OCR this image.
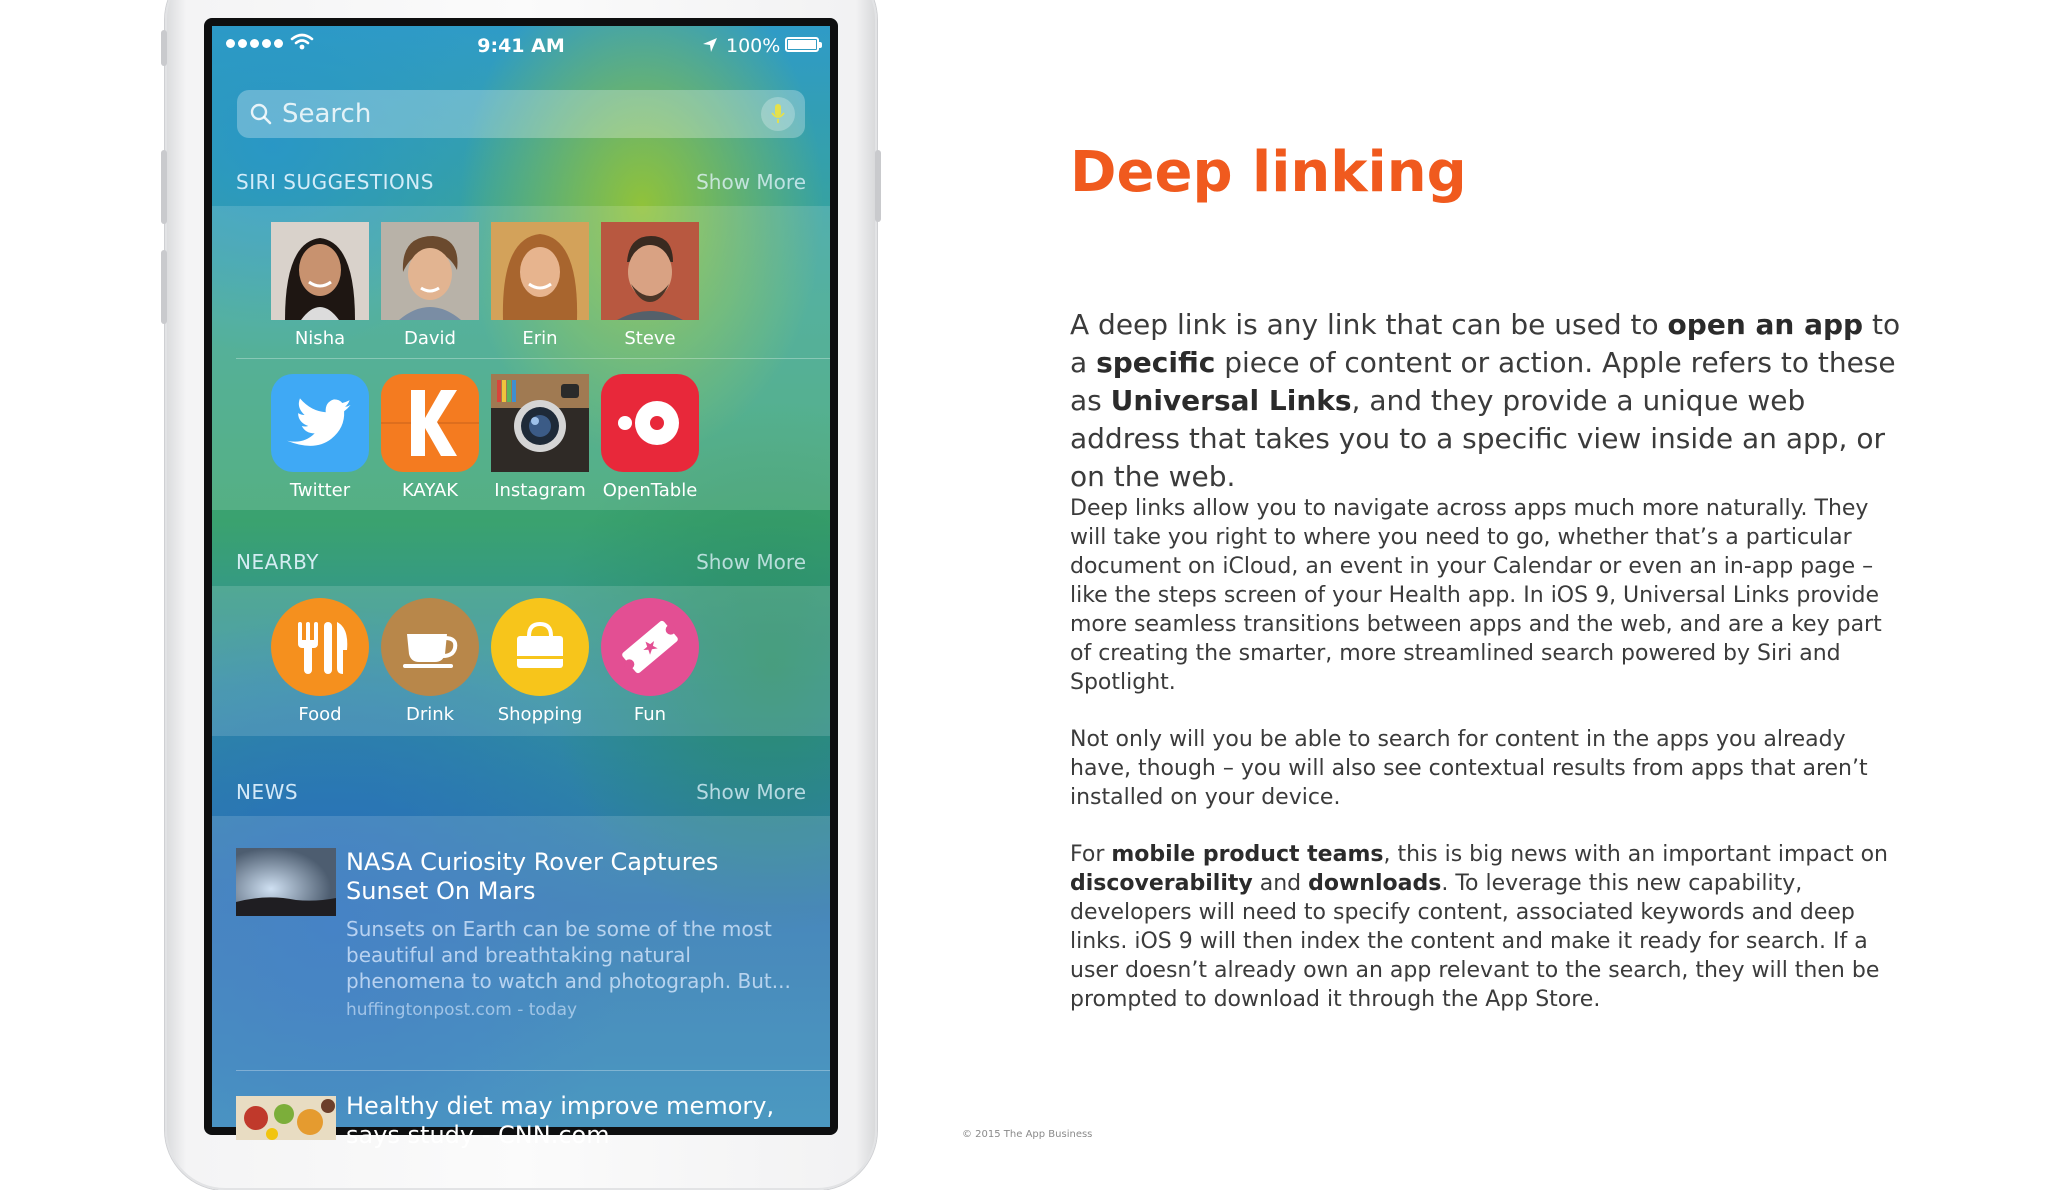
9:41 AM	100%
Search
SIRI SUGGESTIONS	Show More
Nisha	David	Erin	Steve
Twitter	KAYAK	Instagram OpenTable
NEARBY	Show More
Food	Drink	Shopping	Fun
NEWS	Show More
NASA Curiosity Rover Captures Sunset On Mars
Sunsets on Earth can be some of the most beautiful and breathtaking natural phenomena to watch and photograph. But...
huffingtonpost.com - today
Healthy diet may improve memory, says study - CNN.com
Deep linking

A deep link is any link that can be used to open an app to a specific piece of content or action. Apple refers to these as Universal Links, and they provide a unique web address that takes you to a specific view inside an app, or on the web.

Deep links allow you to navigate across apps much more naturally. They will take you right to where you need to go, whether that’s a particular document on iCloud, an event in your Calendar or even an in-app page – like the steps screen of your Health app. In iOS 9, Universal Links provide more seamless transitions between apps and the web, and are a key part of creating the smarter, more streamlined search powered by Siri and Spotlight.

Not only will you be able to search for content in the apps you already have, though – you will also see contextual results from apps that aren’t installed on your device.

For mobile product teams, this is big news with an important impact on discoverability and downloads. To leverage this new capability, developers will need to specify content, associated keywords and deep links. iOS 9 will then index the content and make it ready for search. If a user doesn’t already own an app relevant to the search, they will then be prompted to download it through the App Store.

© 2015 The App Business
